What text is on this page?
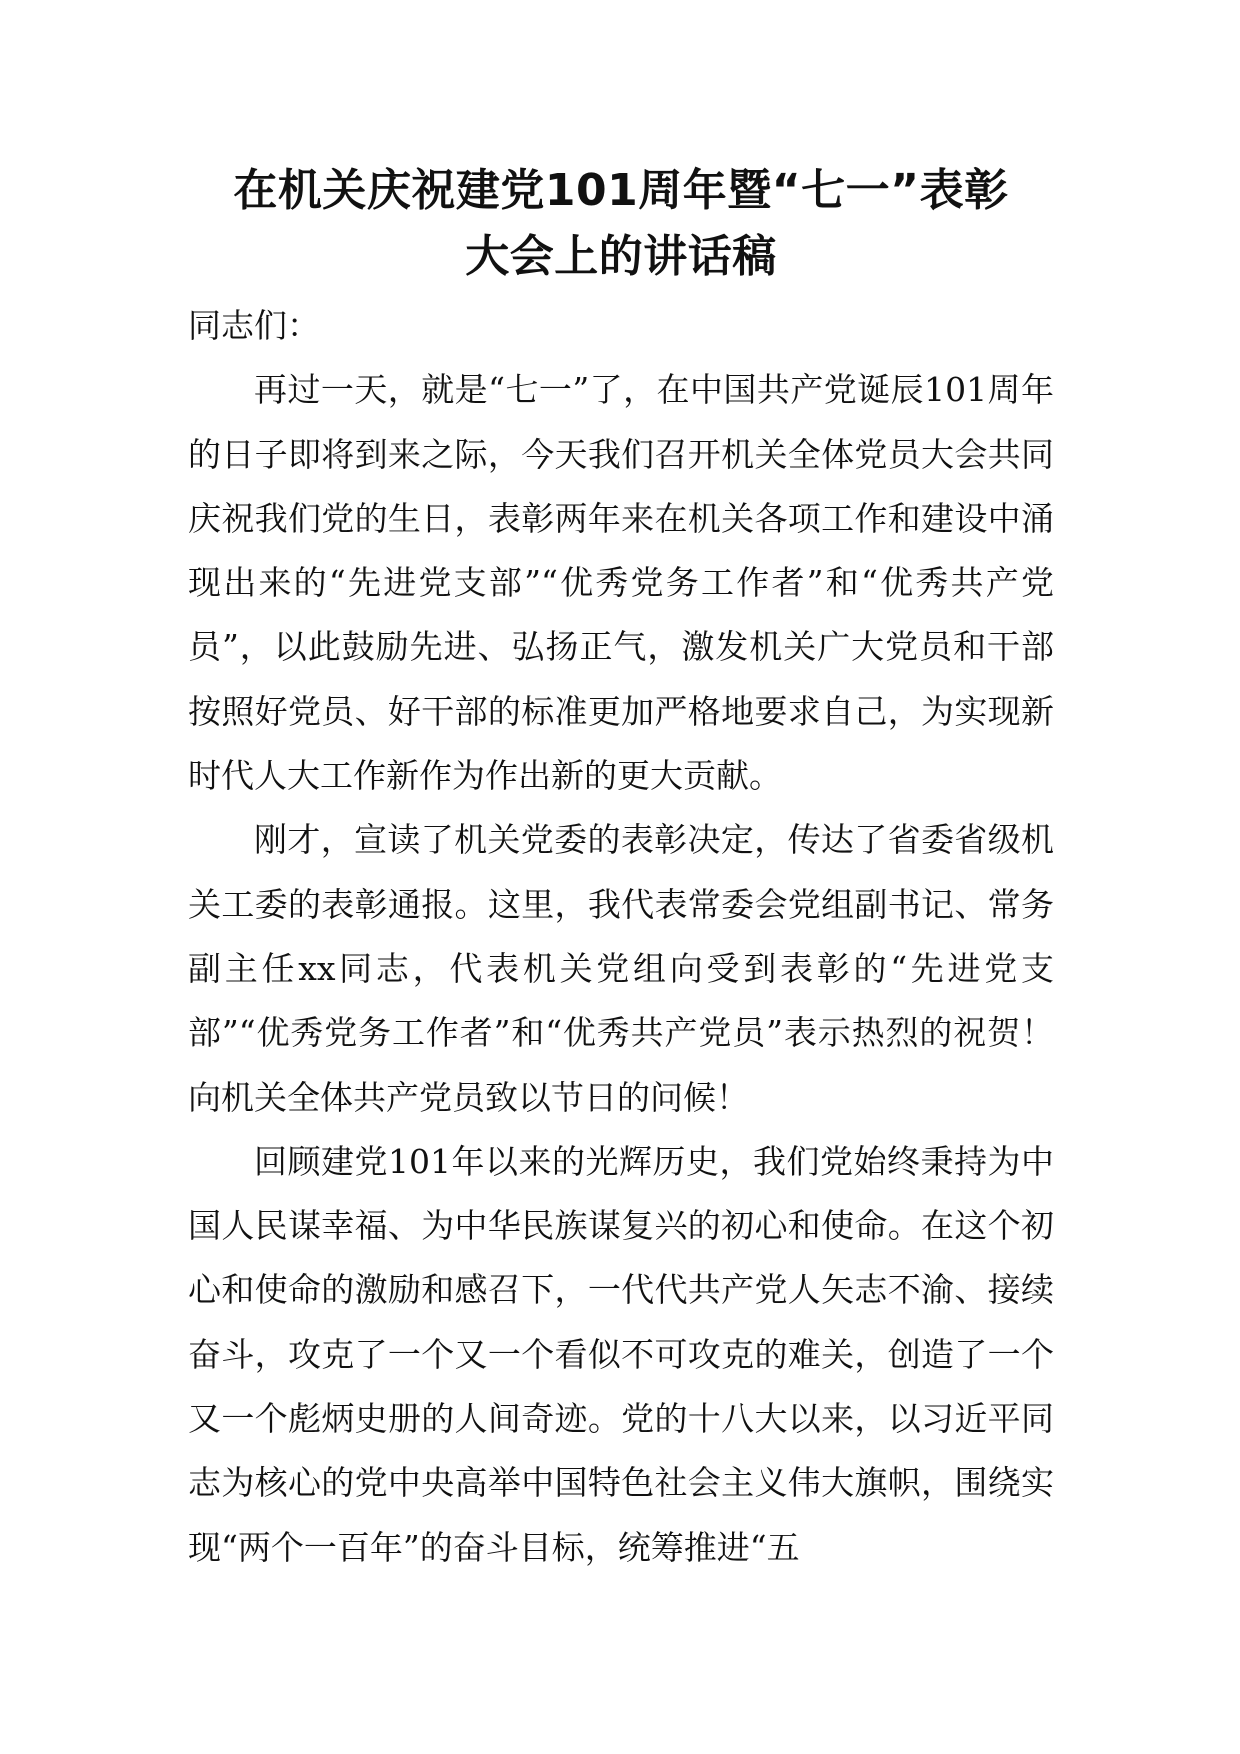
在机关庆祝建党101周年暨“七一”表彰
大会上的讲话稿

同志们：

再过一天，就是“七一”了，在中国共产党诞辰101周年的日子即将到来之际，今天我们召开机关全体党员大会共同庆祝我们党的生日，表彰两年来在机关各项工作和建设中涌现出来的“先进党支部”“优秀党务工作者”和“优秀共产党员”，以此鼓励先进、弘扬正气，激发机关广大党员和干部按照好党员、好干部的标准更加严格地要求自己，为实现新时代人大工作新作为作出新的更大贡献。

刚才，宣读了机关党委的表彰决定，传达了省委省级机关工委的表彰通报。这里，我代表常委会党组副书记、常务副主任xx同志，代表机关党组向受到表彰的“先进党支部”“优秀党务工作者”和“优秀共产党员”表示热烈的祝贺！向机关全体共产党员致以节日的问候！

回顾建党101年以来的光辉历史，我们党始终秉持为中国人民谋幸福、为中华民族谋复兴的初心和使命。在这个初心和使命的激励和感召下，一代代共产党人矢志不渝、接续奋斗，攻克了一个又一个看似不可攻克的难关，创造了一个又一个彪炳史册的人间奇迹。党的十八大以来，以习近平同志为核心的党中央高举中国特色社会主义伟大旗帜，围绕实现“两个一百年”的奋斗目标，统筹推进“五
